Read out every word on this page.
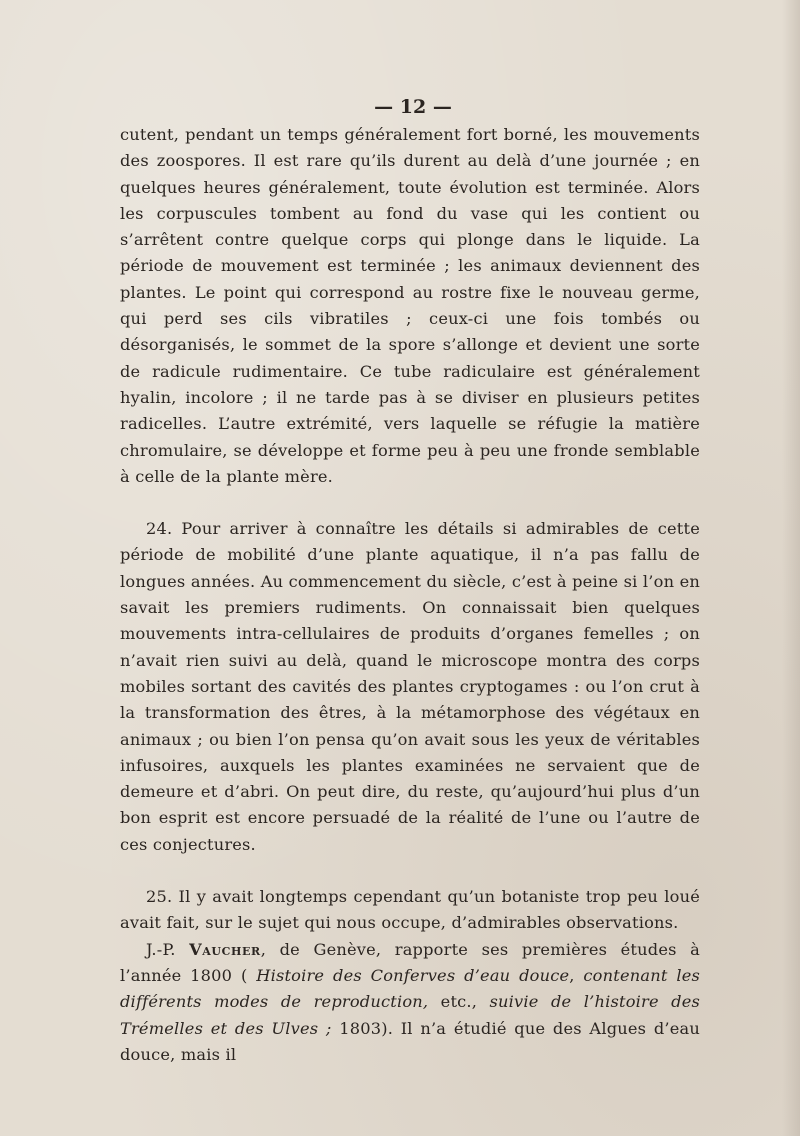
— 12 —

cutent, pendant un temps généralement fort borné, les mouvements des zoospores. Il est rare qu’ils durent au delà d’une journée ; en quelques heures généralement, toute évolution est terminée. Alors les corpuscules tombent au fond du vase qui les contient ou s’arrêtent contre quelque corps qui plonge dans le liquide. La période de mouvement est terminée ; les animaux deviennent des plantes. Le point qui correspond au rostre fixe le nouveau germe, qui perd ses cils vibratiles ; ceux-ci une fois tombés ou désorganisés, le sommet de la spore s’allonge et devient une sorte de radicule rudimentaire. Ce tube radiculaire est généralement hyalin, incolore ; il ne tarde pas à se diviser en plusieurs petites radicelles. L’autre extrémité, vers laquelle se réfugie la matière chromulaire, se développe et forme peu à peu une fronde semblable à celle de la plante mère.

24. Pour arriver à connaître les détails si admirables de cette période de mobilité d’une plante aquatique, il n’a pas fallu de longues années. Au commencement du siècle, c’est à peine si l’on en savait les premiers rudiments. On connaissait bien quelques mouvements intra-cellulaires de produits d’organes femelles ; on n’avait rien suivi au delà, quand le microscope montra des corps mobiles sortant des cavités des plantes cryptogames : ou l’on crut à la transformation des êtres, à la métamorphose des végétaux en animaux ; ou bien l’on pensa qu’on avait sous les yeux de véritables infusoires, auxquels les plantes examinées ne servaient que de demeure et d’abri. On peut dire, du reste, qu’aujourd’hui plus d’un bon esprit est encore persuadé de la réalité de l’une ou l’autre de ces conjectures.

25. Il y avait longtemps cependant qu’un botaniste trop peu loué avait fait, sur le sujet qui nous occupe, d’admirables observations.

J.-P. Vaucher, de Genève, rapporte ses premières études à l’année 1800 ( Histoire des Conferves d’eau douce, contenant les différents modes de reproduction, etc., suivie de l’histoire des Trémelles et des Ulves ; 1803). Il n’a étudié que des Algues d’eau douce, mais il
